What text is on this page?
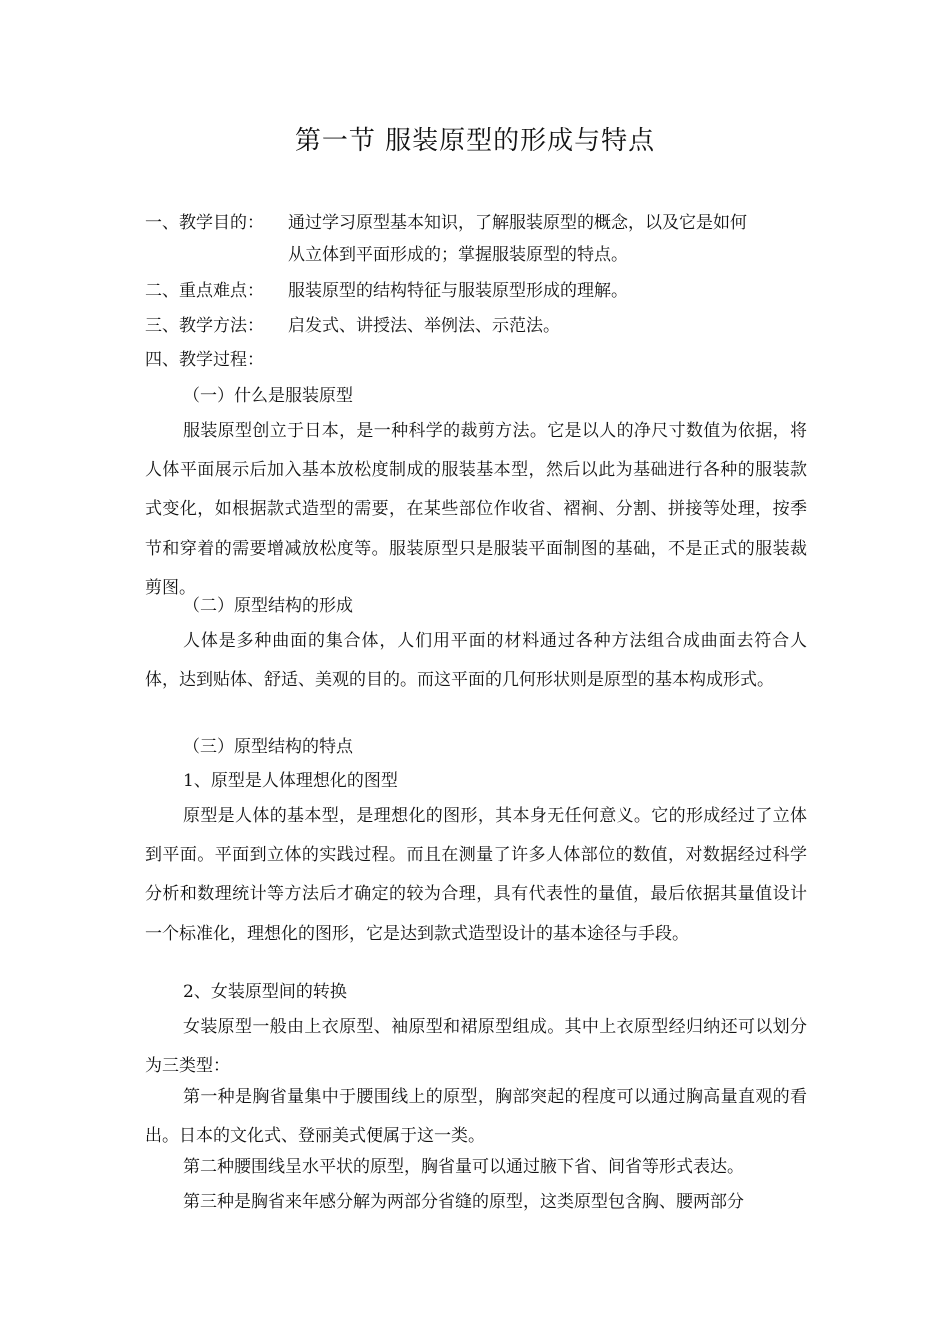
第一节 服装原型的形成与特点
一、教学目的：	通过学习原型基本知识，了解服装原型的概念，以及它是如何
从立体到平面形成的；掌握服装原型的特点。
二、重点难点：	服装原型的结构特征与服装原型形成的理解。
三、教学方法：	启发式、讲授法、举例法、示范法。
四、教学过程：
（一）什么是服装原型

服装原型创立于日本，是一种科学的裁剪方法。它是以人的净尺寸数值为依据，将人体平面展示后加入基本放松度制成的服装基本型，然后以此为基础进行各种的服装款式变化，如根据款式造型的需要，在某些部位作收省、褶裥、分割、拼接等处理，按季节和穿着的需要增减放松度等。服装原型只是服装平面制图的基础，不是正式的服装裁剪图。

（二）原型结构的形成

人体是多种曲面的集合体，人们用平面的材料通过各种方法组合成曲面去符合人体，达到贴体、舒适、美观的目的。而这平面的几何形状则是原型的基本构成形式。

（三）原型结构的特点
1、原型是人体理想化的图型

原型是人体的基本型，是理想化的图形，其本身无任何意义。它的形成经过了立体到平面。平面到立体的实践过程。而且在测量了许多人体部位的数值，对数据经过科学分析和数理统计等方法后才确定的较为合理，具有代表性的量值，最后依据其量值设计一个标准化，理想化的图形，它是达到款式造型设计的基本途径与手段。

2、女装原型间的转换

女装原型一般由上衣原型、袖原型和裙原型组成。其中上衣原型经归纳还可以划分为三类型：

第一种是胸省量集中于腰围线上的原型，胸部突起的程度可以通过胸高量直观的看出。日本的文化式、登丽美式便属于这一类。

第二种腰围线呈水平状的原型，胸省量可以通过腋下省、间省等形式表达。

第三种是胸省来年感分解为两部分省缝的原型，这类原型包含胸、腰两部分
